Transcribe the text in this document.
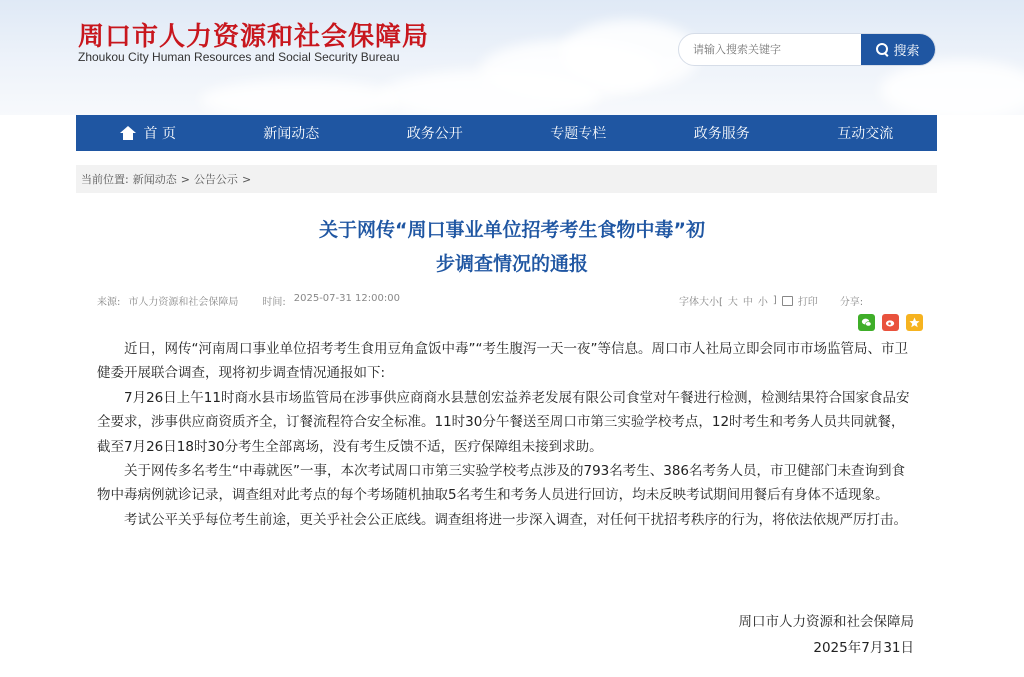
周口市人力资源和社会保障局
Zhoukou City Human Resources and Social Security Bureau
请输入搜索关键字	搜索
首 页	新闻动态	政务公开	专题专栏	政务服务	互动交流
当前位置: 新闻动态 > 公告公示 >
关于网传“周口事业单位招考考生食物中毒”初
步调查情况的通报
来源: 市人力资源和社会保障局 时间: 2025-07-31 12:00:00	字体大小[ 大 中 小 ] 打印 分享:

近日，网传“河南周口事业单位招考考生食用豆角盒饭中毒”“考生腹泻一天一夜”等信息。周口市人社局立即会同市市场监管局、市卫健委开展联合调查，现将初步调查情况通报如下:

7月26日上午11时商水县市场监管局在涉事供应商商水县慧创宏益养老发展有限公司食堂对午餐进行检测，检测结果符合国家食品安全要求，涉事供应商资质齐全，订餐流程符合安全标准。11时30分午餐送至周口市第三实验学校考点，12时考生和考务人员共同就餐，截至7月26日18时30分考生全部离场，没有考生反馈不适，医疗保障组未接到求助。

关于网传多名考生“中毒就医”一事，本次考试周口市第三实验学校考点涉及的793名考生、386名考务人员，市卫健部门未查询到食物中毒病例就诊记录，调查组对此考点的每个考场随机抽取5名考生和考务人员进行回访，均未反映考试期间用餐后有身体不适现象。

考试公平关乎每位考生前途，更关乎社会公正底线。调查组将进一步深入调查，对任何干扰招考秩序的行为，将依法依规严厉打击。

周口市人力资源和社会保障局
2025年7月31日
